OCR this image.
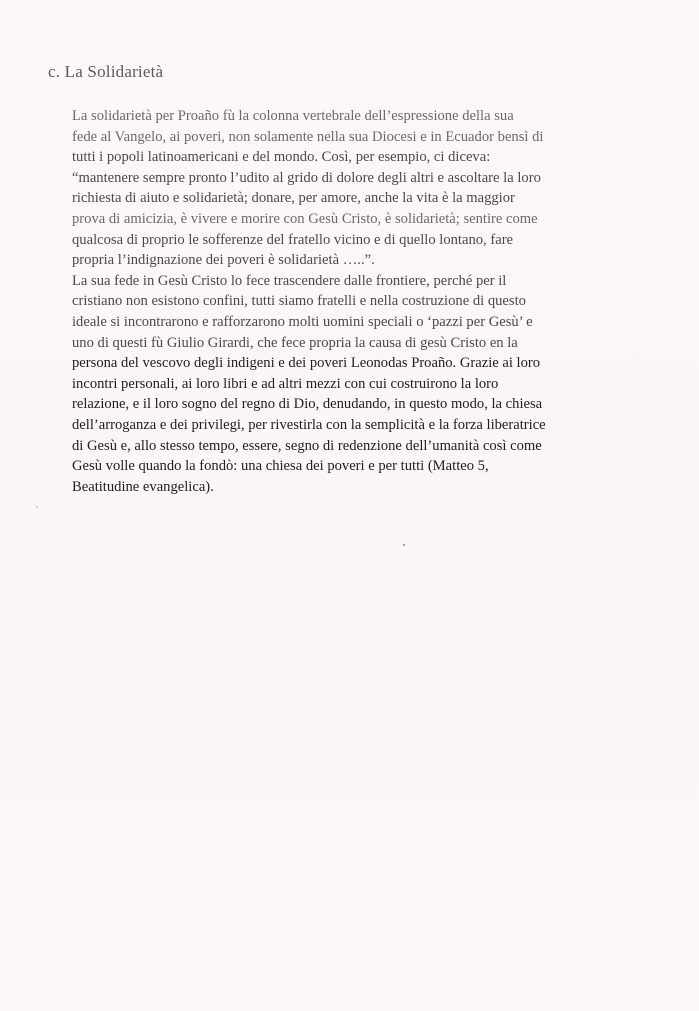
c. La Solidarietà
La solidarietà per Proaño fù la colonna vertebrale dell’espressione della sua
fede al Vangelo, ai poveri, non solamente nella sua Diocesi e in Ecuador bensì di
tutti i popoli latinoamericani e del mondo. Così, per esempio, ci diceva:
“mantenere sempre pronto l’udito al grido di dolore degli altri e ascoltare la loro
richiesta di aiuto e solidarietà; donare, per amore, anche la vita è la maggior
prova di amicizia, è vivere e morire con Gesù Cristo, è solidarietà; sentire come
qualcosa di proprio le sofferenze del fratello vicino e di quello lontano, fare
propria l’indignazione dei poveri è solidarietà …..”.
La sua fede in Gesù Cristo lo fece trascendere dalle frontiere, perché per il
cristiano non esistono confini, tutti siamo fratelli e nella costruzione di questo
ideale si incontrarono e rafforzarono molti uomini speciali o ‘pazzi per Gesù’ e
uno di questi fù Giulio Girardi, che fece propria la causa di gesù Cristo en la
persona del vescovo degli indigeni e dei poveri Leonodas Proaño. Grazie ai loro
incontri personali, ai loro libri e ad altri mezzi con cui costruirono la loro
relazione, e il loro sogno del regno di Dio, denudando, in questo modo, la chiesa
dell’arroganza e dei privilegi, per rivestirla con la semplicità e la forza liberatrice
di Gesù e, allo stesso tempo, essere, segno di redenzione dell’umanità così come
Gesù volle quando la fondò: una chiesa dei poveri e per tutti (Matteo 5,
Beatitudine evangelica).
